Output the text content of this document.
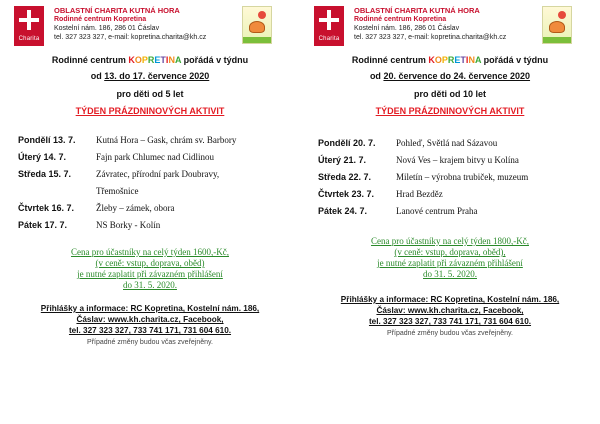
Charita
OBLASTNÍ CHARITA KUTNÁ HORA
Rodinné centrum Kopretina
Kostelní nám. 186, 286 01 Čáslav
tel. 327 323 327, e-mail: kopretina.charita@kh.cz
Rodinné centrum KOPRETINA pořádá v týdnu
od 13. do 17. července 2020
pro děti od 5 let
TÝDEN PRÁZDNINOVÝCH AKTIVIT
Pondělí 13. 7. Kutná Hora – Gask, chrám sv. Barbory
Úterý 14. 7.	Fajn park Chlumec nad Cidlinou
Středa 15. 7.	Závratec, přírodní park Doubravy,
Třemošnice
Čtvrtek 16. 7. Žleby – zámek, obora
Pátek 17. 7.	NS Borky - Kolín
Cena pro účastníky na celý týden 1600,-Kč,
(v ceně: vstup, doprava, oběd)
je nutné zaplatit při závazném přihlášení
do 31. 5. 2020.
Přihlášky a informace: RC Kopretina, Kostelní nám. 186,
Čáslav: www.kh.charita.cz, Facebook,
tel. 327 323 327, 733 741 171, 731 604 610.
Případné změny budou včas zveřejněny.
Charita
OBLASTNÍ CHARITA KUTNÁ HORA
Rodinné centrum Kopretina
Kostelní nám. 186, 286 01 Čáslav
tel. 327 323 327, e-mail: kopretina.charita@kh.cz
Rodinné centrum KOPRETINA pořádá v týdnu
od 20. července do 24. července 2020
pro děti od 10 let
TÝDEN PRÁZDNINOVÝCH AKTIVIT
Pondělí 20. 7. Pohleď, Světlá nad Sázavou
Úterý 21. 7.	Nová Ves – krajem bitvy u Kolína
Středa 22. 7.	Miletín – výrobna trubiček, muzeum
Čtvrtek 23. 7. Hrad Bezděz
Pátek 24. 7.	Lanové centrum Praha
Cena pro účastníky na celý týden 1800,-Kč,
(v ceně: vstup, doprava, oběd),
je nutné zaplatit při závazném přihlášení
do 31. 5. 2020.
Přihlášky a informace: RC Kopretina, Kostelní nám. 186,
Čáslav: www.kh.charita.cz, Facebook,
tel. 327 323 327, 733 741 171, 731 604 610.
Případné změny budou včas zveřejněny.
